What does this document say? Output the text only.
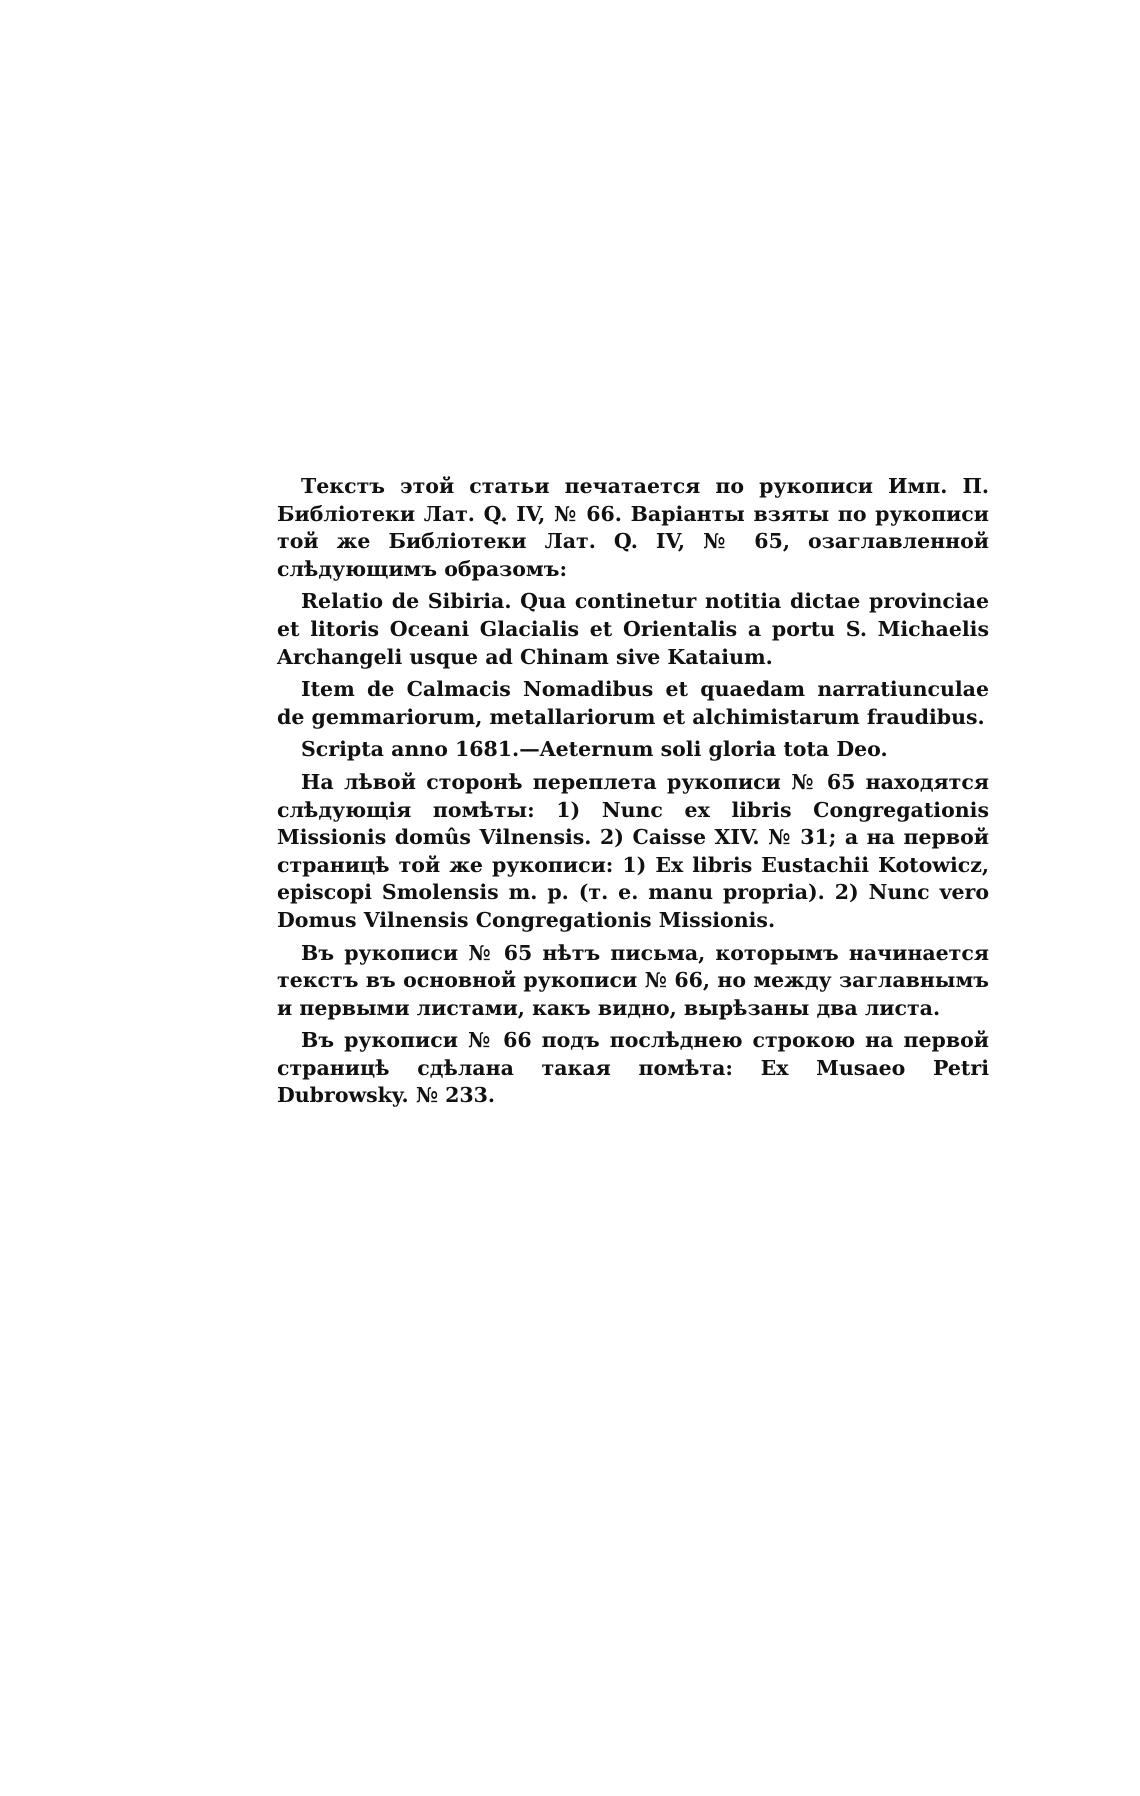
Текстъ этой статьи печатается по рукописи Имп. П. Библіотеки Лат. Q. IV, № 66. Варіанты взяты по рукописи той же Библіотеки Лат. Q. IV, № 65, озаглавленной слѣдующимъ образомъ:

Relatio de Sibiria. Qua continetur notitia dictae provinciae et litoris Oceani Glacialis et Orientalis a portu S. Michaelis Archangeli usque ad Chinam sive Kataium.

Item de Calmacis Nomadibus et quaedam narratiunculae de gemmariorum, metallariorum et alchimistarum fraudibus.

Scripta anno 1681.—Aeternum soli gloria tota Deo.

На лѣвой сторонѣ переплета рукописи № 65 находятся слѣдующія помѣты: 1) Nunc ex libris Congregationis Missionis domûs Vilnensis. 2) Caisse XIV. № 31; а на первой страницѣ той же рукописи: 1) Ex libris Eustachii Kotowicz, episcopi Smolensis m. p. (т. е. manu propria). 2) Nunc vero Domus Vilnensis Congregationis Missionis.

Въ рукописи № 65 нѣтъ письма, которымъ начинается текстъ въ основной рукописи № 66, но между заглавнымъ и первыми листами, какъ видно, вырѣзаны два листа.

Въ рукописи № 66 подъ послѣднею строкою на первой страницѣ сдѣлана такая помѣта: Ex Musaeo Petri Dubrowsky. № 233.
